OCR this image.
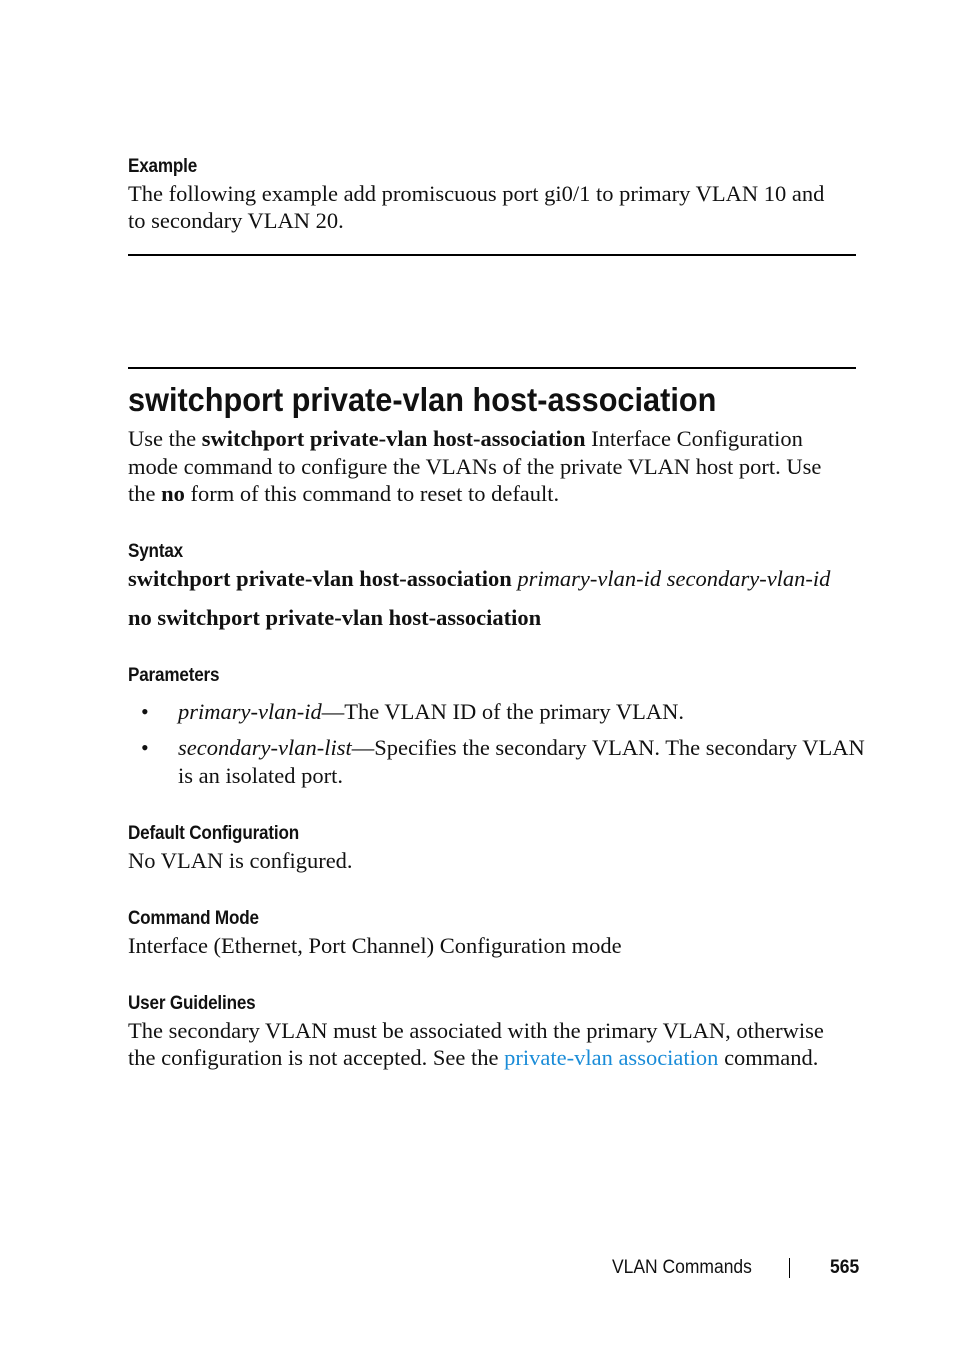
Example
The following example add promiscuous port gi0/1 to primary VLAN 10 and
to secondary VLAN 20.
switchport private-vlan host-association
Use the switchport private-vlan host-association Interface Configuration
mode command to configure the VLANs of the private VLAN host port. Use
the no form of this command to reset to default.
Syntax
switchport private-vlan host-association primary-vlan-id secondary-vlan-id
no switchport private-vlan host-association
Parameters
• primary-vlan-id—The VLAN ID of the primary VLAN.
• secondary-vlan-list—Specifies the secondary VLAN. The secondary VLAN
is an isolated port.
Default Configuration
No VLAN is configured.
Command Mode
Interface (Ethernet, Port Channel) Configuration mode
User Guidelines
The secondary VLAN must be associated with the primary VLAN, otherwise
the configuration is not accepted. See the private-vlan association command.
VLAN Commands	565
